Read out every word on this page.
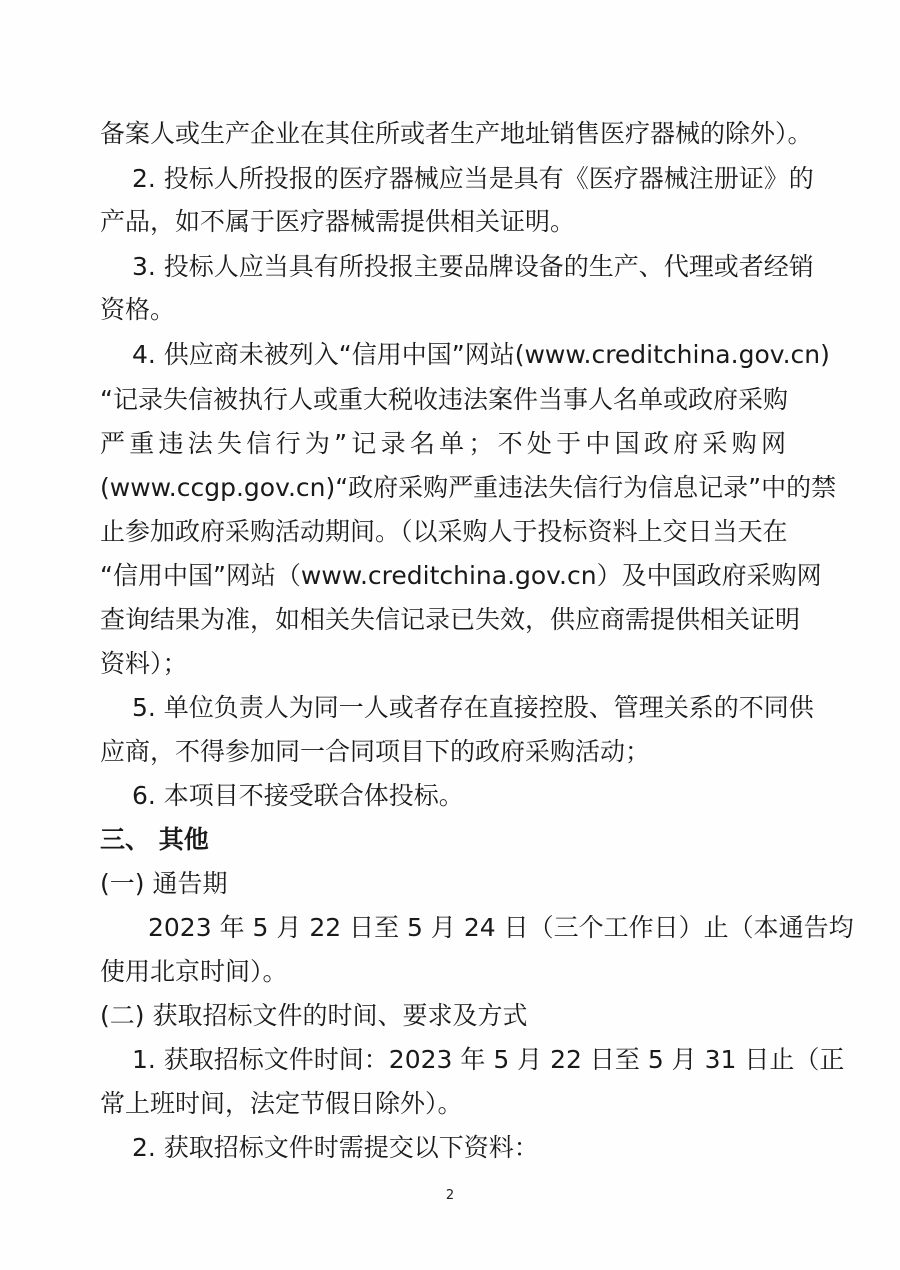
备案人或生产企业在其住所或者生产地址销售医疗器械的除外）。
2. 投标人所投报的医疗器械应当是具有《医疗器械注册证》的
产品，如不属于医疗器械需提供相关证明。
3. 投标人应当具有所投报主要品牌设备的生产、代理或者经销
资格。
4. 供应商未被列入“信用中国”网站(www.creditchina.gov.cn)
“记录失信被执行人或重大税收违法案件当事人名单或政府采购
严重违法失信行为”记录名单；不处于中国政府采购网
(www.ccgp.gov.cn)“政府采购严重违法失信行为信息记录”中的禁
止参加政府采购活动期间。（以采购人于投标资料上交日当天在
“信用中国”网站（www.creditchina.gov.cn）及中国政府采购网
查询结果为准，如相关失信记录已失效，供应商需提供相关证明
资料）；
5. 单位负责人为同一人或者存在直接控股、管理关系的不同供
应商，不得参加同一合同项目下的政府采购活动；
6. 本项目不接受联合体投标。
三、 其他
(一) 通告期
2023 年 5 月 22 日至 5 月 24 日（三个工作日）止（本通告均
使用北京时间）。
(二) 获取招标文件的时间、要求及方式
1. 获取招标文件时间：2023 年 5 月 22 日至 5 月 31 日止（正
常上班时间，法定节假日除外）。
2. 获取招标文件时需提交以下资料：
2
